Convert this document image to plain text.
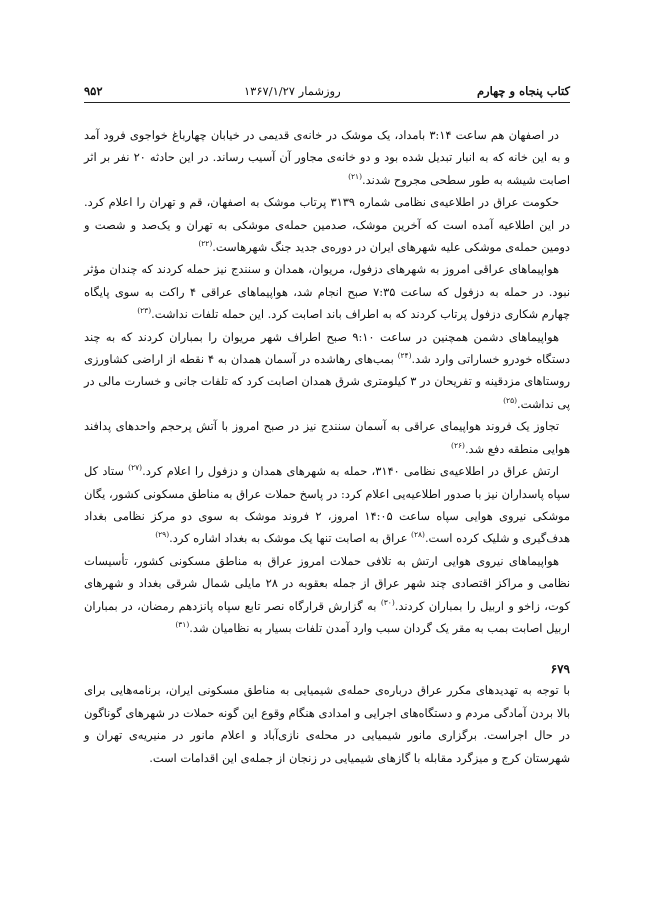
کتاب پنجاه و چهارم
روزشمار ۱۳۶۷/۱/۲۷
۹۵۲

در اصفهان هم ساعت ۳:۱۴ بامداد، یک موشک در خانه‌ی قدیمی در خیابان چهارباغ خواجوی فرود آمد و به این خانه که به انبار تبدیل شده بود و دو خانه‌ی مجاور آن آسیب رساند. در این حادثه ۲۰ نفر بر اثر اصابت شیشه به طور سطحی مجروح شدند.$^{(۲۱)}$

حکومت عراق در اطلاعیه‌ی نظامی شماره ۳۱۳۹ پرتاب موشک به اصفهان، قم و تهران را اعلام کرد. در این اطلاعیه آمده است که آخرین موشک، صدمین حمله‌ی موشکی به تهران و یک‌صد و شصت و دومین حمله‌ی موشکی علیه شهرهای ایران در دوره‌ی جدید جنگ شهرهاست.$^{(۲۲)}$

هواپیماهای عراقی امروز به شهرهای دزفول، مریوان، همدان و سنندج نیز حمله کردند که چندان مؤثر نبود. در حمله به دزفول که ساعت ۷:۳۵ صبح انجام شد، هواپیماهای عراقی ۴ راکت به سوی پایگاه چهارم شکاری دزفول پرتاب کردند که به اطراف باند اصابت کرد. این حمله تلفات نداشت.$^{(۲۳)}$

هواپیماهای دشمن همچنین در ساعت ۹:۱۰ صبح اطراف شهر مریوان را بمباران کردند که به چند دستگاه خودرو خساراتی وارد شد.$^{(۲۴)}$ بمب‌های رهاشده در آسمان همدان به ۴ نقطه از اراضی کشاورزی روستاهای مزدقینه و تفریحان در ۳ کیلومتری شرق همدان اصابت کرد که تلفات جانی و خسارت مالی در پی نداشت.$^{(۲۵)}$

تجاوز یک فروند هواپیمای عراقی به آسمان سنندج نیز در صبح امروز با آتش پرحجم واحدهای پدافند هوایی منطقه دفع شد.$^{(۲۶)}$

ارتش عراق در اطلاعیه‌ی نظامی ۳۱۴۰، حمله به شهرهای همدان و دزفول را اعلام کرد.$^{(۲۷)}$ ستاد کل سپاه پاسداران نیز با صدور اطلاعیه‌یی اعلام کرد: در پاسخ حملات عراق به مناطق مسکونی کشور، یگان موشکی نیروی هوایی سپاه ساعت ۱۴:۰۵ امروز، ۲ فروند موشک به سوی دو مرکز نظامی بغداد هدف‌گیری و شلیک کرده است.$^{(۲۸)}$ عراق به اصابت تنها یک موشک به بغداد اشاره کرد.$^{(۲۹)}$

هواپیماهای نیروی هوایی ارتش به تلافی حملات امروز عراق به مناطق مسکونی کشور، تأسیسات نظامی و مراکز اقتصادی چند شهر عراق از جمله بعقوبه در ۲۸ مایلی شمال شرقی بغداد و شهرهای کوت، زاخو و اربیل را بمباران کردند.$^{(۳۰)}$ به گزارش قرارگاه نصر تابع سپاه پانزدهم رمضان، در بمباران اربیل اصابت بمب به مقر یک گردان سبب وارد آمدن تلفات بسیار به نظامیان شد.$^{(۳۱)}$

۶۷۹

با توجه به تهدیدهای مکرر عراق درباره‌ی حمله‌ی شیمیایی به مناطق مسکونی ایران، برنامه‌هایی برای بالا بردن آمادگی مردم و دستگاه‌های اجرایی و امدادی هنگام وقوع این گونه حملات در شهرهای گوناگون در حال اجراست. برگزاری مانور شیمیایی در محله‌ی نازی‌آباد و اعلام مانور در منیریه‌ی تهران و شهرستان کرج و میزگرد مقابله با گازهای شیمیایی در زنجان از جمله‌ی این اقدامات است.
